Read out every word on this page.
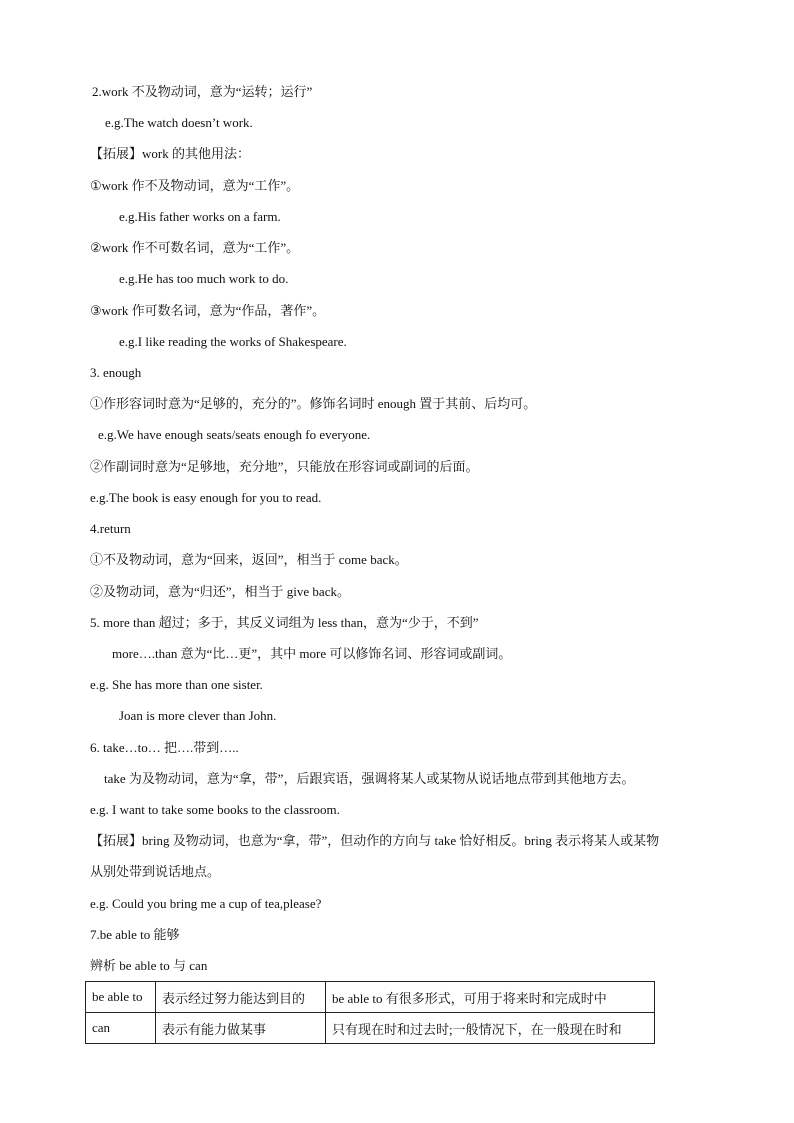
2.work 不及物动词，意为“运转；运行”
e.g.The watch doesn’t work.
【拓展】work 的其他用法：
①work 作不及物动词，意为“工作”。
e.g.His father works on a farm.
②work 作不可数名词，意为“工作”。
e.g.He has too much work to do.
③work 作可数名词，意为“作品，著作”。
e.g.I like reading the works of Shakespeare.
3. enough
①作形容词时意为“足够的，充分的”。修饰名词时 enough 置于其前、后均可。
e.g.We have enough seats/seats enough fo everyone.
②作副词时意为“足够地，充分地”，只能放在形容词或副词的后面。
e.g.The book is easy enough for you to read.
4.return
①不及物动词，意为“回来，返回”，相当于 come back。
②及物动词，意为“归还”，相当于 give back。
5. more than 超过；多于，其反义词组为 less than，意为“少于，不到”
more….than 意为“比…更”，其中 more 可以修饰名词、形容词或副词。
e.g. She has more than one sister.
Joan is more clever than John.
6. take…to… 把….带到…..
take 为及物动词，意为“拿，带”，后跟宾语，强调将某人或某物从说话地点带到其他地方去。
e.g. I want to take some books to the classroom.
【拓展】bring 及物动词，也意为“拿，带”，但动作的方向与 take 恰好相反。bring 表示将某人或某物
从别处带到说话地点。
e.g. Could you bring me a cup of tea,please?
7.be able to 能够
辨析 be able to 与 can
be able to	表示经过努力能达到目的	be able to 有很多形式，可用于将来时和完成时中
can	表示有能力做某事	只有现在时和过去时;一般情况下，在一般现在时和
